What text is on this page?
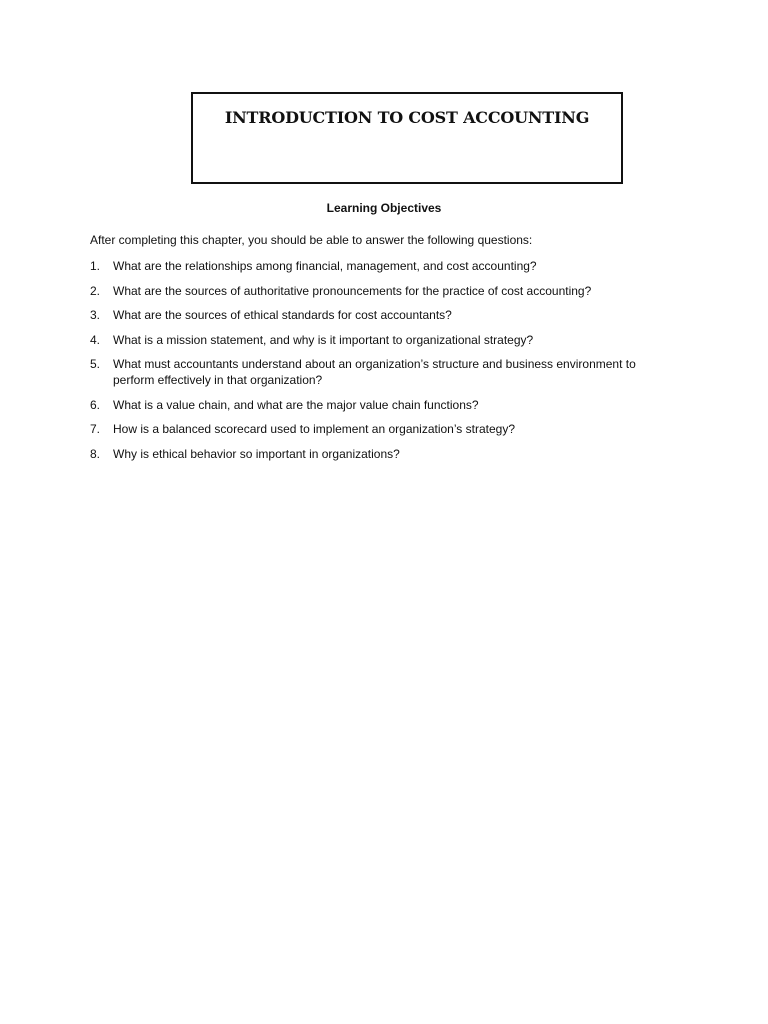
INTRODUCTION TO COST ACCOUNTING
Learning Objectives

After completing this chapter, you should be able to answer the following questions:

1.	What are the relationships among financial, management, and cost accounting?
2.	What are the sources of authoritative pronouncements for the practice of cost accounting?
3.	What are the sources of ethical standards for cost accountants?
4.	What is a mission statement, and why is it important to organizational strategy?
5.	What must accountants understand about an organization’s structure and business environment to perform effectively in that organization?
6.	What is a value chain, and what are the major value chain functions?
7.	How is a balanced scorecard used to implement an organization’s strategy?
8.	Why is ethical behavior so important in organizations?
